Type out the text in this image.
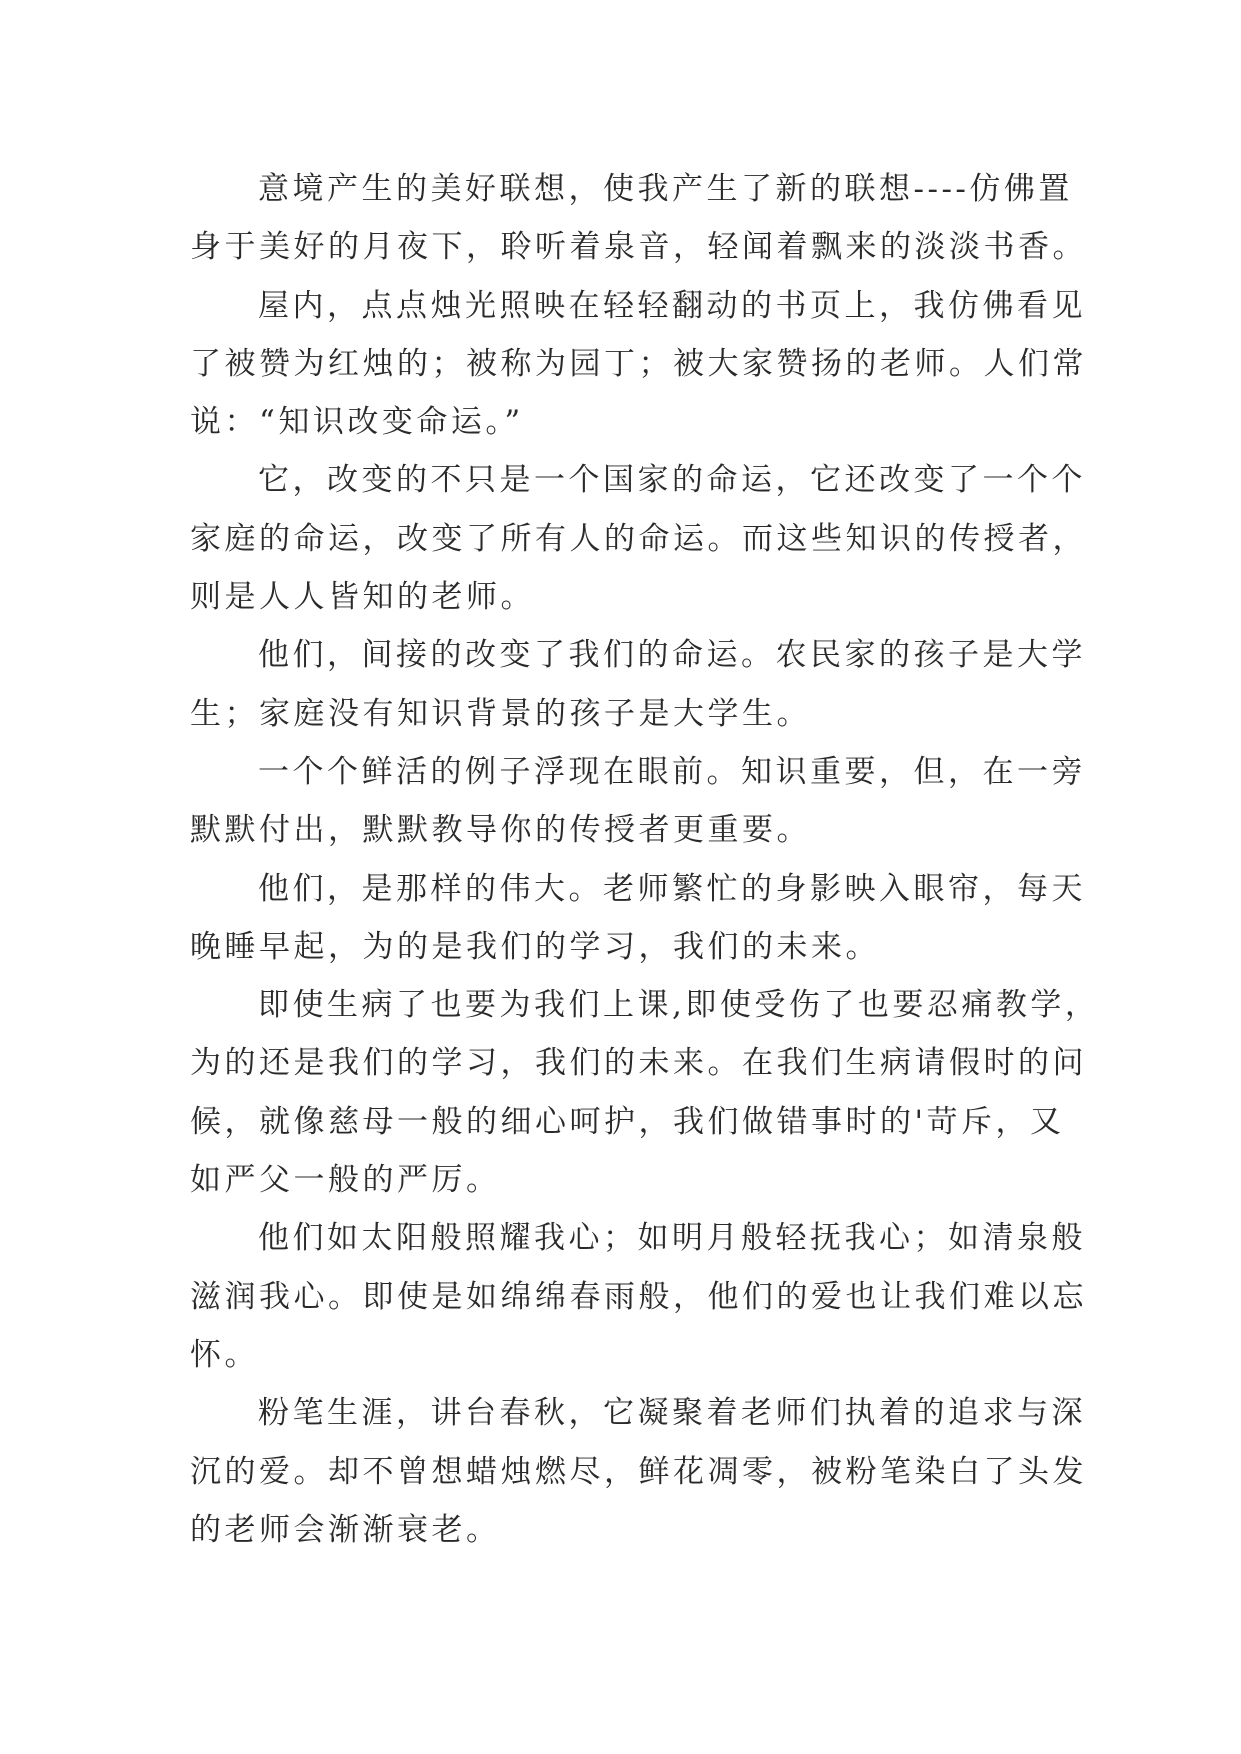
意境产生的美好联想，使我产生了新的联想----仿佛置
身于美好的月夜下，聆听着泉音，轻闻着飘来的淡淡书香。
屋内，点点烛光照映在轻轻翻动的书页上，我仿佛看见
了被赞为红烛的；被称为园丁；被大家赞扬的老师。人们常
说：“知识改变命运。”
它，改变的不只是一个国家的命运，它还改变了一个个
家庭的命运，改变了所有人的命运。而这些知识的传授者，
则是人人皆知的老师。
他们，间接的改变了我们的命运。农民家的孩子是大学
生；家庭没有知识背景的孩子是大学生。
一个个鲜活的例子浮现在眼前。知识重要，但，在一旁
默默付出，默默教导你的传授者更重要。
他们，是那样的伟大。老师繁忙的身影映入眼帘，每天
晚睡早起，为的是我们的学习，我们的未来。
即使生病了也要为我们上课,即使受伤了也要忍痛教学，
为的还是我们的学习，我们的未来。在我们生病请假时的问
候，就像慈母一般的细心呵护，我们做错事时的'苛斥，又
如严父一般的严厉。
他们如太阳般照耀我心；如明月般轻抚我心；如清泉般
滋润我心。即使是如绵绵春雨般，他们的爱也让我们难以忘
怀。
粉笔生涯，讲台春秋，它凝聚着老师们执着的追求与深
沉的爱。却不曾想蜡烛燃尽，鲜花凋零，被粉笔染白了头发
的老师会渐渐衰老。
